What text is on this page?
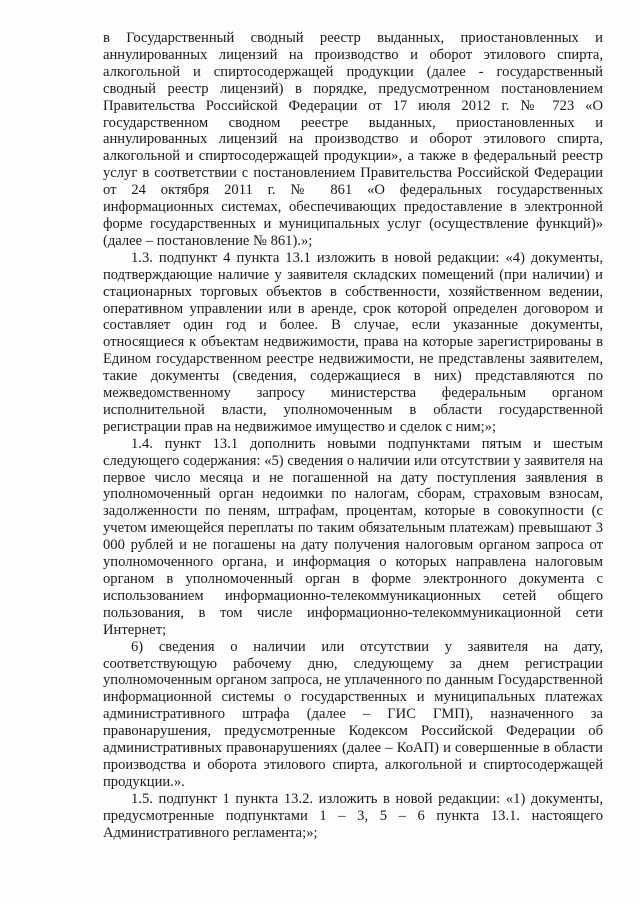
в Государственный сводный реестр выданных, приостановленных и аннулированных лицензий на производство и оборот этилового спирта, алкогольной и спиртосодержащей продукции (далее - государственный сводный реестр лицензий) в порядке, предусмотренном постановлением Правительства Российской Федерации от 17 июля 2012 г. № 723 «О государственном сводном реестре выданных, приостановленных и аннулированных лицензий на производство и оборот этилового спирта, алкогольной и спиртосодержащей продукции», а также в федеральный реестр услуг в соответствии с постановлением Правительства Российской Федерации от 24 октября 2011 г. № 861 «О федеральных государственных информационных системах, обеспечивающих предоставление в электронной форме государственных и муниципальных услуг (осуществление функций)» (далее – постановление № 861).»;

1.3. подпункт 4 пункта 13.1 изложить в новой редакции: «4) документы, подтверждающие наличие у заявителя складских помещений (при наличии) и стационарных торговых объектов в собственности, хозяйственном ведении, оперативном управлении или в аренде, срок которой определен договором и составляет один год и более. В случае, если указанные документы, относящиеся к объектам недвижимости, права на которые зарегистрированы в Едином государственном реестре недвижимости, не представлены заявителем, такие документы (сведения, содержащиеся в них) представляются по межведомственному запросу министерства федеральным органом исполнительной власти, уполномоченным в области государственной регистрации прав на недвижимое имущество и сделок с ним;»;

1.4. пункт 13.1 дополнить новыми подпунктами пятым и шестым следующего содержания: «5) сведения о наличии или отсутствии у заявителя на первое число месяца и не погашенной на дату поступления заявления в уполномоченный орган недоимки по налогам, сборам, страховым взносам, задолженности по пеням, штрафам, процентам, которые в совокупности (с учетом имеющейся переплаты по таким обязательным платежам) превышают 3 000 рублей и не погашены на дату получения налоговым органом запроса от уполномоченного органа, и информация о которых направлена налоговым органом в уполномоченный орган в форме электронного документа с использованием информационно-телекоммуникационных сетей общего пользования, в том числе информационно-телекоммуникационной сети Интернет;

6) сведения о наличии или отсутствии у заявителя на дату, соответствующую рабочему дню, следующему за днем регистрации уполномоченным органом запроса, не уплаченного по данным Государственной информационной системы о государственных и муниципальных платежах административного штрафа (далее – ГИС ГМП), назначенного за правонарушения, предусмотренные Кодексом Российской Федерации об административных правонарушениях (далее – КоАП) и совершенные в области производства и оборота этилового спирта, алкогольной и спиртосодержащей продукции.».

1.5. подпункт 1 пункта 13.2. изложить в новой редакции: «1) документы, предусмотренные подпунктами 1 – 3, 5 – 6 пункта 13.1. настоящего Административного регламента;»;
